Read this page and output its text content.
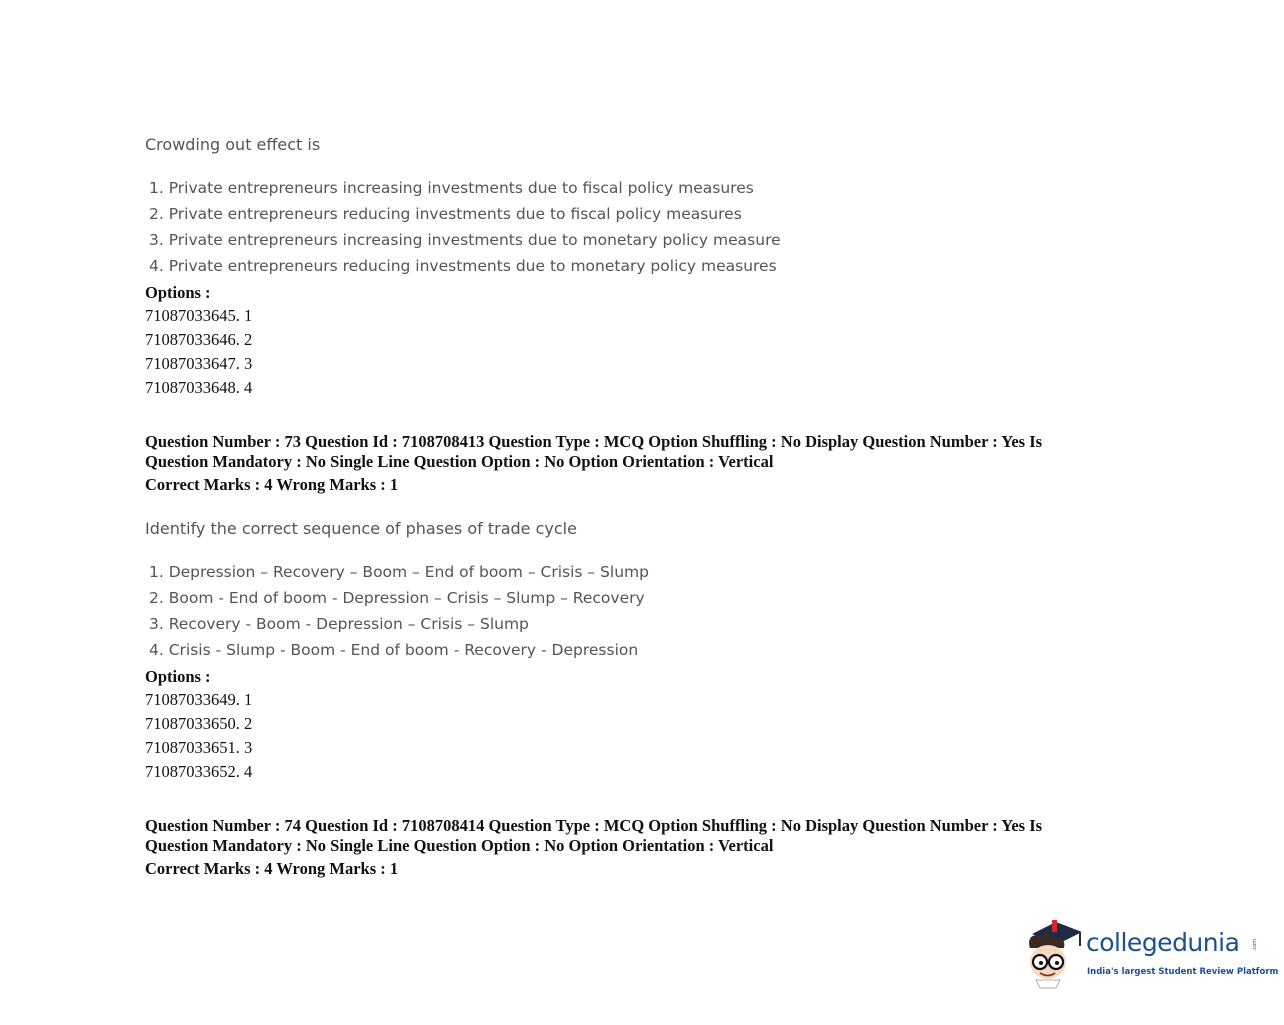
Crowding out effect is
1. Private entrepreneurs increasing investments due to fiscal policy measures
2. Private entrepreneurs reducing investments due to fiscal policy measures
3. Private entrepreneurs increasing investments due to monetary policy measure
4. Private entrepreneurs reducing investments due to monetary policy measures
Options :
71087033645. 1
71087033646. 2
71087033647. 3
71087033648. 4
Question Number : 73 Question Id : 7108708413 Question Type : MCQ Option Shuffling : No Display Question Number : Yes Is
Question Mandatory : No Single Line Question Option : No Option Orientation : Vertical
Correct Marks : 4 Wrong Marks : 1
Identify the correct sequence of phases of trade cycle
1. Depression – Recovery – Boom – End of boom – Crisis – Slump
2. Boom - End of boom - Depression – Crisis – Slump – Recovery
3. Recovery - Boom - Depression – Crisis – Slump
4. Crisis - Slump - Boom - End of boom - Recovery - Depression
Options :
71087033649. 1
71087033650. 2
71087033651. 3
71087033652. 4
Question Number : 74 Question Id : 7108708414 Question Type : MCQ Option Shuffling : No Display Question Number : Yes Is
Question Mandatory : No Single Line Question Option : No Option Orientation : Vertical
Correct Marks : 4 Wrong Marks : 1
collegedunia	.com
India's largest Student Review Platform
